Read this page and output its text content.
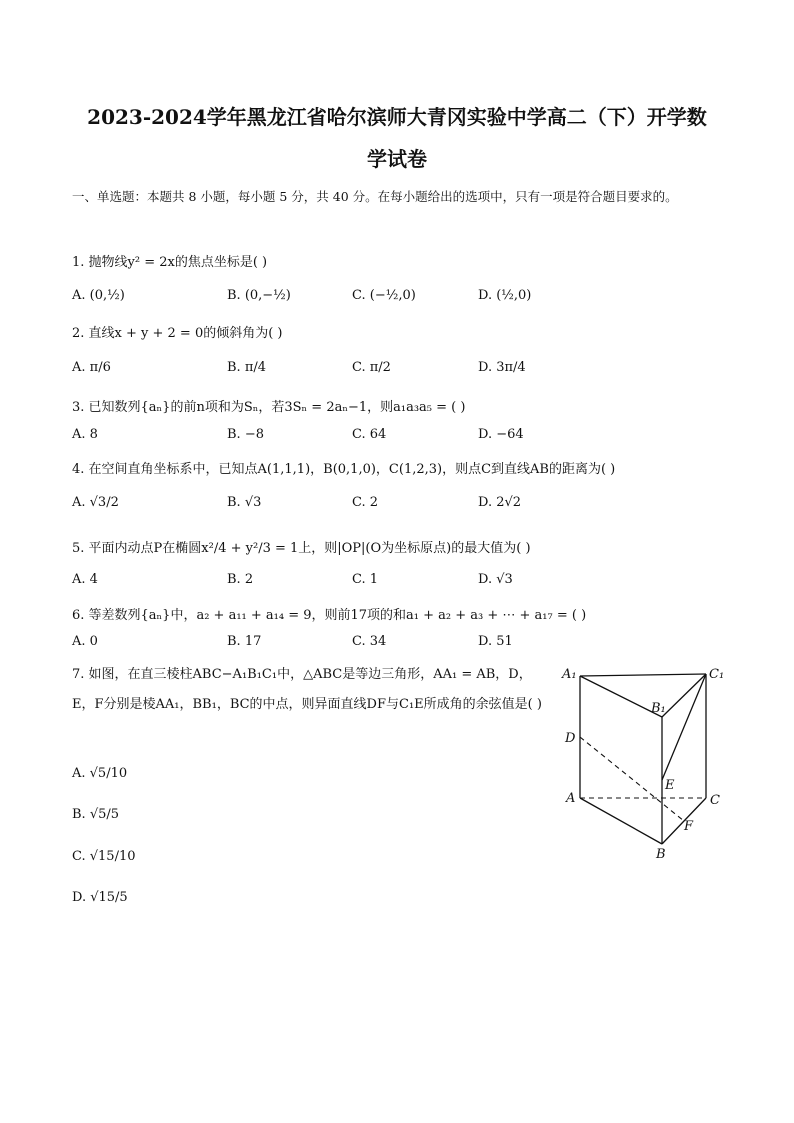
2023-2024学年黑龙江省哈尔滨师大青冈实验中学高二（下）开学数
学试卷
一、单选题：本题共 8 小题，每小题 5 分，共 40 分。在每小题给出的选项中，只有一项是符合题目要求的。
1. 抛物线y² = 2x的焦点坐标是( )
A. (0,½)	B. (0,−½)	C. (−½,0)	D. (½,0)
2. 直线x + y + 2 = 0的倾斜角为( )
A. π/6	B. π/4	C. π/2	D. 3π/4
3. 已知数列{aₙ}的前n项和为Sₙ，若3Sₙ = 2aₙ−1，则a₁a₃a₅ = ( )
A. 8	B. −8	C. 64	D. −64
4. 在空间直角坐标系中，已知点A(1,1,1)，B(0,1,0)，C(1,2,3)，则点C到直线AB的距离为( )
A. √3/2	B. √3	C. 2	D. 2√2
5. 平面内动点P在椭圆x²/4 + y²/3 = 1上，则|OP|(O为坐标原点)的最大值为( )
A. 4	B. 2	C. 1	D. √3
6. 等差数列{aₙ}中，a₂ + a₁₁ + a₁₄ = 9，则前17项的和a₁ + a₂ + a₃ + ⋯ + a₁₇ = ( )
A. 0	B. 17	C. 34	D. 51
7. 如图，在直三棱柱ABC−A₁B₁C₁中，△ABC是等边三角形，AA₁ = AB，D，E，F分别是棱AA₁，BB₁，BC的中点，则异面直线DF与C₁E所成角的余弦值是( )
A. √5/10
B. √5/5
C. √15/10
D. √15/5
A₁	C₁
B₁
D
E
A	C
F
B
